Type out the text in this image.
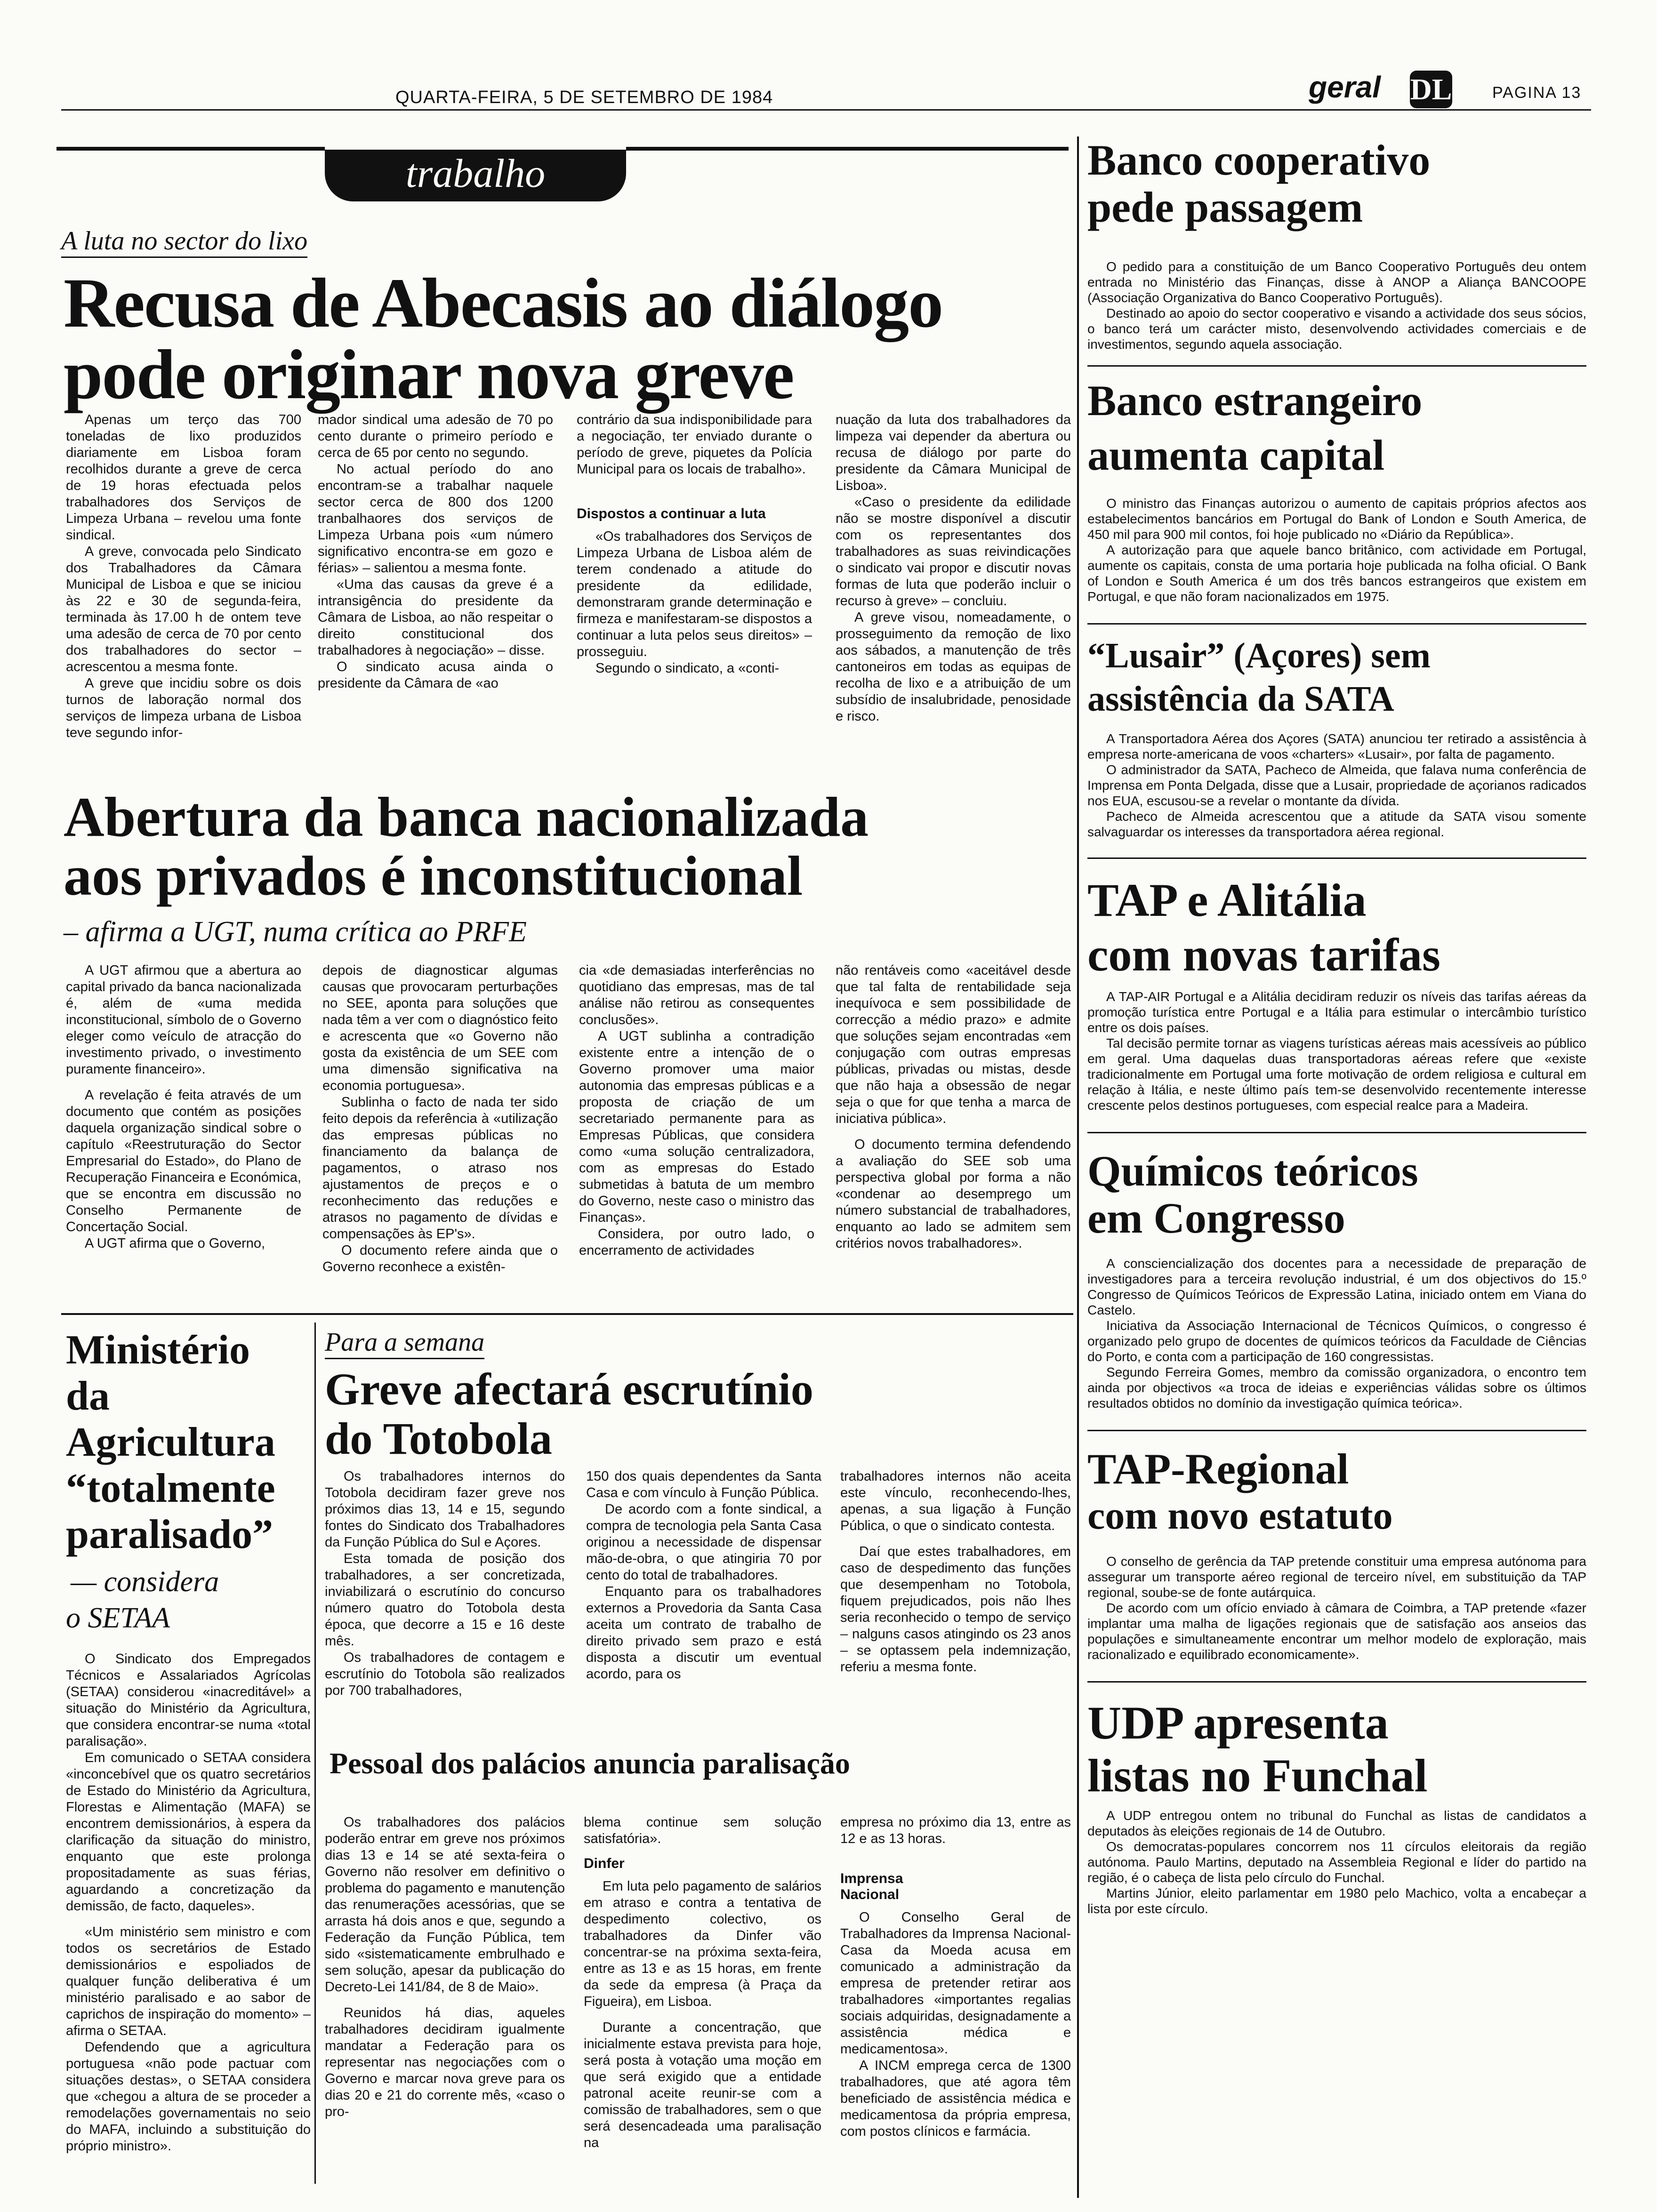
QUARTA-FEIRA, 5 DE SETEMBRO DE 1984	geral DL	PAGINA 13
trabalho
A luta no sector do lixo
Recusa de Abecasis ao diálogo
pode originar nova greve

Apenas um terço das 700 toneladas de lixo produzidos diariamente em Lisboa foram recolhidos durante a greve de cerca de 19 horas efectuada pelos trabalhadores dos Serviços de Limpeza Urbana – revelou uma fonte sindical.

A greve, convocada pelo Sindicato dos Trabalhadores da Câmara Municipal de Lisboa e que se iniciou às 22 e 30 de segunda-feira, terminada às 17.00 h de ontem teve uma adesão de cerca de 70 por cento dos trabalhadores do sector – acrescentou a mesma fonte.

A greve que incidiu sobre os dois turnos de laboração normal dos serviços de limpeza urbana de Lisboa teve segundo infor-

mador sindical uma adesão de 70 po cento durante o primeiro período e cerca de 65 por cento no segundo.

No actual período do ano encontram-se a trabalhar naquele sector cerca de 800 dos 1200 tranbalhaores dos serviços de Limpeza Urbana pois «um número significativo encontra-se em gozo e férias» – salientou a mesma fonte.

«Uma das causas da greve é a intransigência do presidente da Câmara de Lisboa, ao não respeitar o direito constitucional dos trabalhadores à negociação» – disse.

O sindicato acusa ainda o presidente da Câmara de «ao

contrário da sua indisponibilidade para a negociação, ter enviado durante o período de greve, piquetes da Polícia Municipal para os locais de trabalho».

Dispostos a continuar a luta

«Os trabalhadores dos Serviços de Limpeza Urbana de Lisboa além de terem condenado a atitude do presidente da edilidade, demonstraram grande determinação e firmeza e manifestaram-se dispostos a continuar a luta pelos seus direitos» – prosseguiu.

Segundo o sindicato, a «conti-

nuação da luta dos trabalhadores da limpeza vai depender da abertura ou recusa de diálogo por parte do presidente da Câmara Municipal de Lisboa».

«Caso o presidente da edilidade não se mostre disponível a discutir com os representantes dos trabalhadores as suas reivindicações o sindicato vai propor e discutir novas formas de luta que poderão incluir o recurso à greve» – concluiu.

A greve visou, nomeadamente, o prosseguimento da remoção de lixo aos sábados, a manutenção de três cantoneiros em todas as equipas de recolha de lixo e a atribuição de um subsídio de insalubridade, penosidade e risco.

Abertura da banca nacionalizada
aos privados é inconstitucional
– afirma a UGT, numa crítica ao PRFE

A UGT afirmou que a abertura ao capital privado da banca nacionalizada é, além de «uma medida inconstitucional, símbolo de o Governo eleger como veículo de atracção do investimento privado, o investimento puramente financeiro».

A revelação é feita através de um documento que contém as posições daquela organização sindical sobre o capítulo «Reestruturação do Sector Empresarial do Estado», do Plano de Recuperação Financeira e Económica, que se encontra em discussão no Conselho Permanente de Concertação Social.

A UGT afirma que o Governo,

depois de diagnosticar algumas causas que provocaram perturbações no SEE, aponta para soluções que nada têm a ver com o diagnóstico feito e acrescenta que «o Governo não gosta da existência de um SEE com uma dimensão significativa na economia portuguesa».

Sublinha o facto de nada ter sido feito depois da referência à «utilização das empresas públicas no financiamento da balança de pagamentos, o atraso nos ajustamentos de preços e o reconhecimento das reduções e atrasos no pagamento de dívidas e compensações às EP's».

O documento refere ainda que o Governo reconhece a existên-

cia «de demasiadas interferências no quotidiano das empresas, mas de tal análise não retirou as consequentes conclusões».

A UGT sublinha a contradição existente entre a intenção de o Governo promover uma maior autonomia das empresas públicas e a proposta de criação de um secretariado permanente para as Empresas Públicas, que considera como «uma solução centralizadora, com as empresas do Estado submetidas à batuta de um membro do Governo, neste caso o ministro das Finanças».

Considera, por outro lado, o encerramento de actividades

não rentáveis como «aceitável desde que tal falta de rentabilidade seja inequívoca e sem possibilidade de correcção a médio prazo» e admite que soluções sejam encontradas «em conjugação com outras empresas públicas, privadas ou mistas, desde que não haja a obsessão de negar seja o que for que tenha a marca de iniciativa pública».

O documento termina defendendo a avaliação do SEE sob uma perspectiva global por forma a não «condenar ao desemprego um número substancial de trabalhadores, enquanto ao lado se admitem sem critérios novos trabalhadores».

Ministério
da Agricultura
“totalmente
paralisado”
— considera
o SETAA

O Sindicato dos Empregados Técnicos e Assalariados Agrícolas (SETAA) considerou «inacreditável» a situação do Ministério da Agricultura, que considera encontrar-se numa «total paralisação».

Em comunicado o SETAA considera «inconcebível que os quatro secretários de Estado do Ministério da Agricultura, Florestas e Alimentação (MAFA) se encontrem demissionários, à espera da clarificação da situação do ministro, enquanto que este prolonga propositadamente as suas férias, aguardando a concretização da demissão, de facto, daqueles».

«Um ministério sem ministro e com todos os secretários de Estado demissionários e espoliados de qualquer função deliberativa é um ministério paralisado e ao sabor de caprichos de inspiração do momento» – afirma o SETAA.

Defendendo que a agricultura portuguesa «não pode pactuar com situações destas», o SETAA considera que «chegou a altura de se proceder a remodelações governamentais no seio do MAFA, incluindo a substituição do próprio ministro».

Para a semana
Greve afectará escrutínio
do Totobola

Os trabalhadores internos do Totobola decidiram fazer greve nos próximos dias 13, 14 e 15, segundo fontes do Sindicato dos Trabalhadores da Função Pública do Sul e Açores.

Esta tomada de posição dos trabalhadores, a ser concretizada, inviabilizará o escrutínio do concurso número quatro do Totobola desta época, que decorre a 15 e 16 deste mês.

Os trabalhadores de contagem e escrutínio do Totobola são realizados por 700 trabalhadores,

150 dos quais dependentes da Santa Casa e com vínculo à Função Pública.

De acordo com a fonte sindical, a compra de tecnologia pela Santa Casa originou a necessidade de dispensar mão-de-obra, o que atingiria 70 por cento do total de trabalhadores.

Enquanto para os trabalhadores externos a Provedoria da Santa Casa aceita um contrato de trabalho de direito privado sem prazo e está disposta a discutir um eventual acordo, para os

trabalhadores internos não aceita este vínculo, reconhecendo-lhes, apenas, a sua ligação à Função Pública, o que o sindicato contesta.

Daí que estes trabalhadores, em caso de despedimento das funções que desempenham no Totobola, fiquem prejudicados, pois não lhes seria reconhecido o tempo de serviço – nalguns casos atingindo os 23 anos – se optassem pela indemnização, referiu a mesma fonte.

Pessoal dos palácios anuncia paralisação

Os trabalhadores dos palácios poderão entrar em greve nos próximos dias 13 e 14 se até sexta-feira o Governo não resolver em definitivo o problema do pagamento e manutenção das renumerações acessórias, que se arrasta há dois anos e que, segundo a Federação da Função Pública, tem sido «sistematicamente embrulhado e sem solução, apesar da publicação do Decreto-Lei 141/84, de 8 de Maio».

Reunidos há dias, aqueles trabalhadores decidiram igualmente mandatar a Federação para os representar nas negociações com o Governo e marcar nova greve para os dias 20 e 21 do corrente mês, «caso o pro-

blema continue sem solução satisfatória».

Dinfer

Em luta pelo pagamento de salários em atraso e contra a tentativa de despedimento colectivo, os trabalhadores da Dinfer vão concentrar-se na próxima sexta-feira, entre as 13 e as 15 horas, em frente da sede da empresa (à Praça da Figueira), em Lisboa.

Durante a concentração, que inicialmente estava prevista para hoje, será posta à votação uma moção em que será exigido que a entidade patronal aceite reunir-se com a comissão de trabalhadores, sem o que será desencadeada uma paralisação na

empresa no próximo dia 13, entre as 12 e as 13 horas.

Imprensa Nacional

O Conselho Geral de Trabalhadores da Imprensa Nacional-Casa da Moeda acusa em comunicado a administração da empresa de pretender retirar aos trabalhadores «importantes regalias sociais adquiridas, designadamente a assistência médica e medicamentosa».

A INCM emprega cerca de 1300 trabalhadores, que até agora têm beneficiado de assistência médica e medicamentosa da própria empresa, com postos clínicos e farmácia.

Banco cooperativo
pede passagem

O pedido para a constituição de um Banco Cooperativo Português deu ontem entrada no Ministério das Finanças, disse à ANOP a Aliança BANCOOPE (Associação Organizativa do Banco Cooperativo Português).

Destinado ao apoio do sector cooperativo e visando a actividade dos seus sócios, o banco terá um carácter misto, desenvolvendo actividades comerciais e de investimentos, segundo aquela associação.

Banco estrangeiro
aumenta capital

O ministro das Finanças autorizou o aumento de capitais próprios afectos aos estabelecimentos bancários em Portugal do Bank of London e South America, de 450 mil para 900 mil contos, foi hoje publicado no «Diário da República».

A autorização para que aquele banco britânico, com actividade em Portugal, aumente os capitais, consta de uma portaria hoje publicada na folha oficial. O Bank of London e South America é um dos três bancos estrangeiros que existem em Portugal, e que não foram nacionalizados em 1975.

“Lusair” (Açores) sem
assistência da SATA

A Transportadora Aérea dos Açores (SATA) anunciou ter retirado a assistência à empresa norte-americana de voos «charters» «Lusair», por falta de pagamento.

O administrador da SATA, Pacheco de Almeida, que falava numa conferência de Imprensa em Ponta Delgada, disse que a Lusair, propriedade de açorianos radicados nos EUA, escusou-se a revelar o montante da dívida.

Pacheco de Almeida acrescentou que a atitude da SATA visou somente salvaguardar os interesses da transportadora aérea regional.

TAP e Alitália
com novas tarifas

A TAP-AIR Portugal e a Alitália decidiram reduzir os níveis das tarifas aéreas da promoção turística entre Portugal e a Itália para estimular o intercâmbio turístico entre os dois países.

Tal decisão permite tornar as viagens turísticas aéreas mais acessíveis ao público em geral. Uma daquelas duas transportadoras aéreas refere que «existe tradicionalmente em Portugal uma forte motivação de ordem religiosa e cultural em relação à Itália, e neste último país tem-se desenvolvido recentemente interesse crescente pelos destinos portugueses, com especial realce para a Madeira.

Químicos teóricos
em Congresso

A consciencialização dos docentes para a necessidade de preparação de investigadores para a terceira revolução industrial, é um dos objectivos do 15.º Congresso de Químicos Teóricos de Expressão Latina, iniciado ontem em Viana do Castelo.

Iniciativa da Associação Internacional de Técnicos Químicos, o congresso é organizado pelo grupo de docentes de químicos teóricos da Faculdade de Ciências do Porto, e conta com a participação de 160 congressistas.

Segundo Ferreira Gomes, membro da comissão organizadora, o encontro tem ainda por objectivos «a troca de ideias e experiências válidas sobre os últimos resultados obtidos no domínio da investigação química teórica».

TAP-Regional
com novo estatuto

O conselho de gerência da TAP pretende constituir uma empresa autónoma para assegurar um transporte aéreo regional de terceiro nível, em substituição da TAP regional, soube-se de fonte autárquica.

De acordo com um ofício enviado à câmara de Coimbra, a TAP pretende «fazer implantar uma malha de ligações regionais que de satisfação aos anseios das populações e simultaneamente encontrar um melhor modelo de exploração, mais racionalizado e equilibrado economicamente».

UDP apresenta
listas no Funchal

A UDP entregou ontem no tribunal do Funchal as listas de candidatos a deputados às eleições regionais de 14 de Outubro.

Os democratas-populares concorrem nos 11 círculos eleitorais da região autónoma. Paulo Martins, deputado na Assembleia Regional e líder do partido na região, é o cabeça de lista pelo círculo do Funchal.

Martins Júnior, eleito parlamentar em 1980 pelo Machico, volta a encabeçar a lista por este círculo.
